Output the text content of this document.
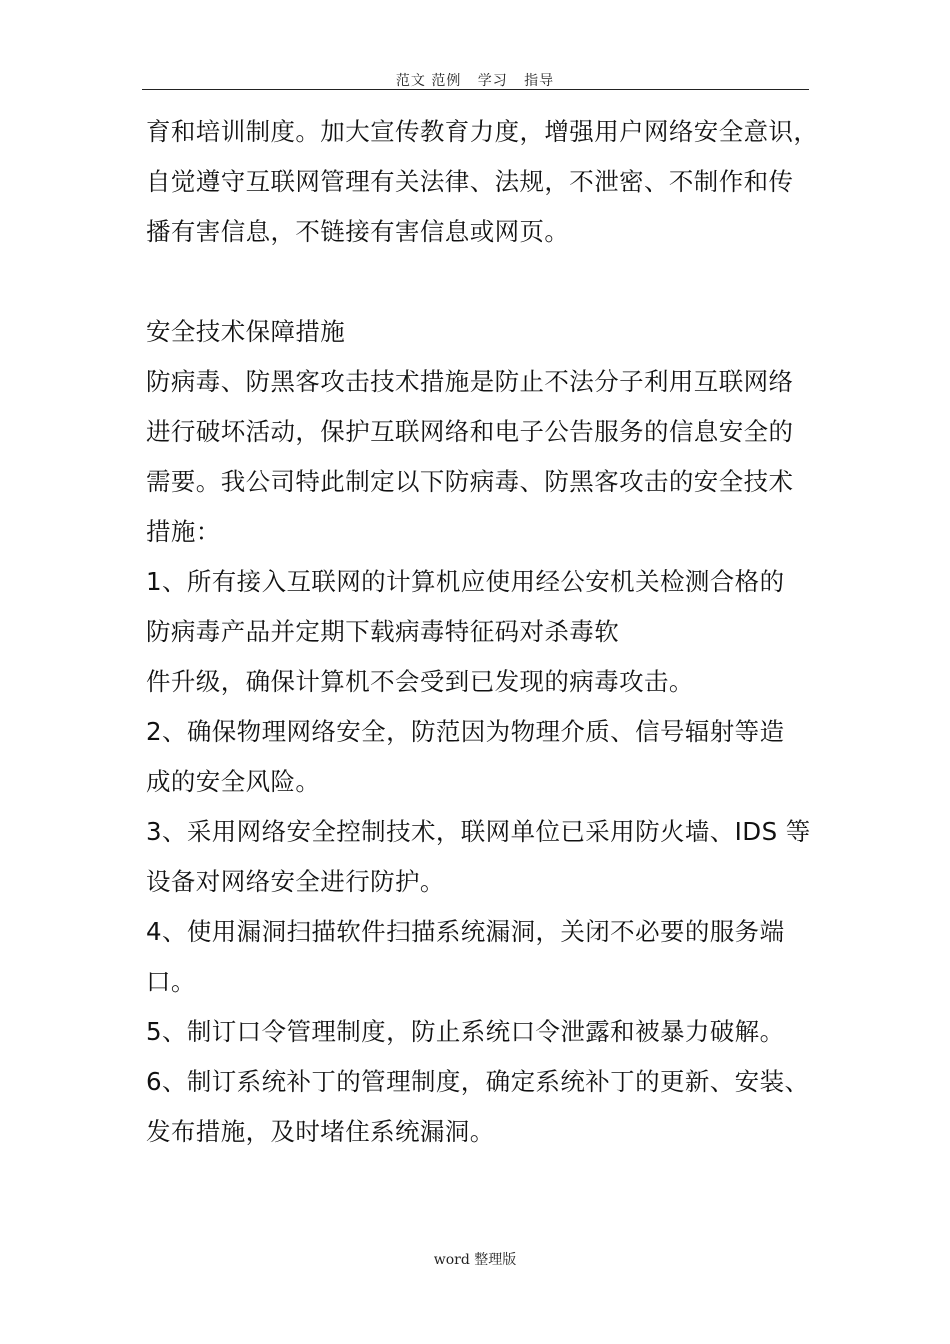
范文 范例   学习   指导
育和培训制度。加大宣传教育力度，增强用户网络安全意识，
自觉遵守互联网管理有关法律、法规，不泄密、不制作和传
播有害信息，不链接有害信息或网页。
安全技术保障措施
防病毒、防黑客攻击技术措施是防止不法分子利用互联网络
进行破坏活动，保护互联网络和电子公告服务的信息安全的
需要。我公司特此制定以下防病毒、防黑客攻击的安全技术
措施：
1、所有接入互联网的计算机应使用经公安机关检测合格的
防病毒产品并定期下载病毒特征码对杀毒软
件升级，确保计算机不会受到已发现的病毒攻击。
2、确保物理网络安全，防范因为物理介质、信号辐射等造
成的安全风险。
3、采用网络安全控制技术，联网单位已采用防火墙、IDS 等
设备对网络安全进行防护。
4、使用漏洞扫描软件扫描系统漏洞，关闭不必要的服务端
口。
5、制订口令管理制度，防止系统口令泄露和被暴力破解。
6、制订系统补丁的管理制度，确定系统补丁的更新、安装、
发布措施，及时堵住系统漏洞。
word 整理版
